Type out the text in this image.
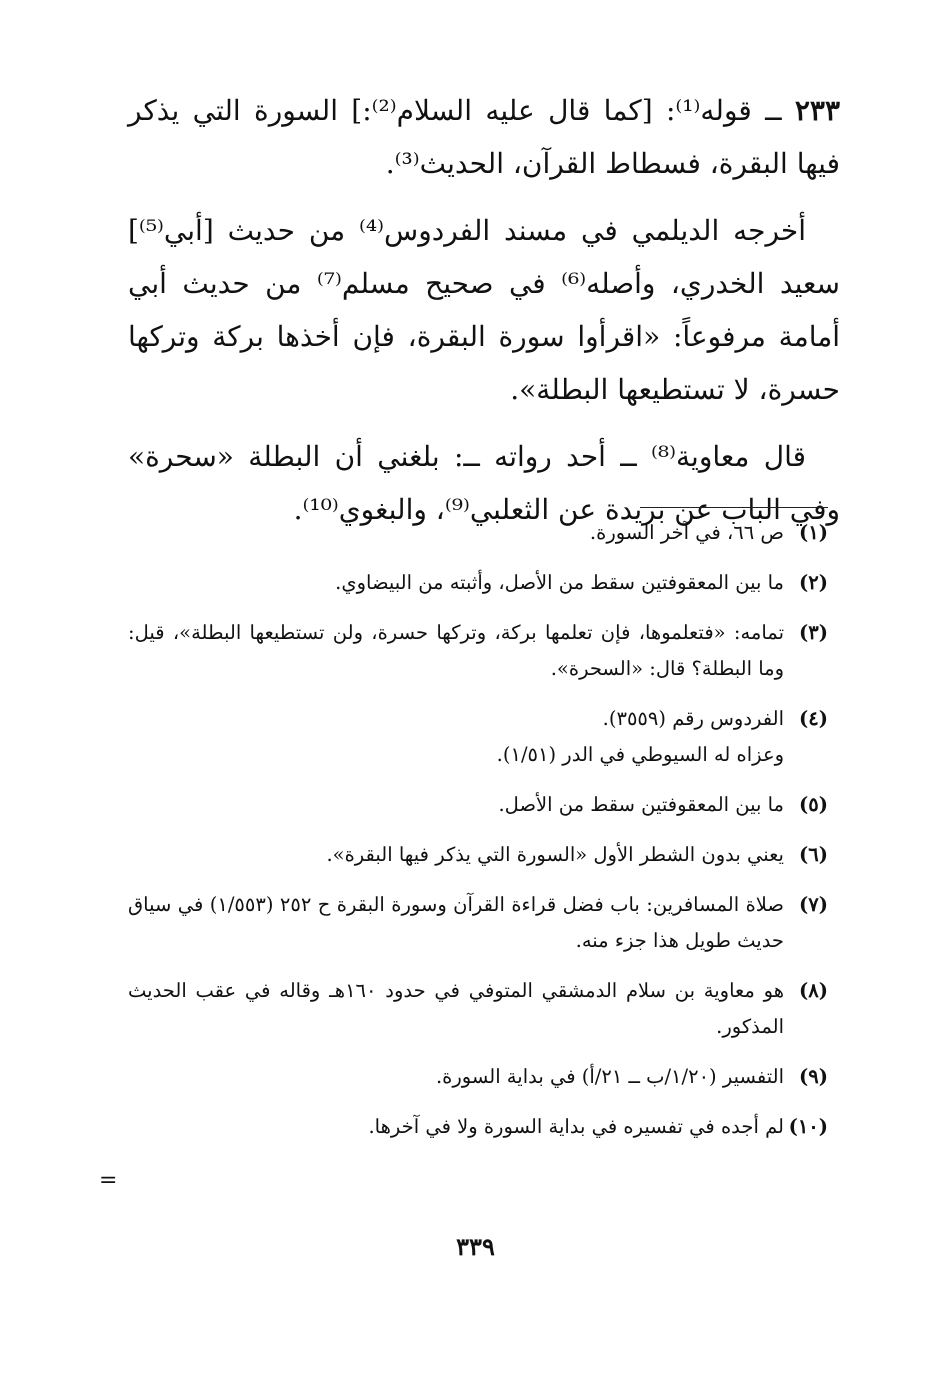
٢٣٣ ــ قوله⁽¹⁾: [كما قال عليه السلام⁽²⁾:] السورة التي يذكر فيها البقرة، فسطاط القرآن، الحديث⁽³⁾.

أخرجه الديلمي في مسند الفردوس⁽⁴⁾ من حديث [أبي⁽⁵⁾] سعيد الخدري، وأصله⁽⁶⁾ في صحيح مسلم⁽⁷⁾ من حديث أبي أمامة مرفوعاً: «اقرأوا سورة البقرة، فإن أخذها بركة وتركها حسرة، لا تستطيعها البطلة».

قال معاوية⁽⁸⁾ ــ أحد رواته ــ: بلغني أن البطلة «سحرة» وفي الباب عن بريدة عن الثعلبي⁽⁹⁾، والبغوي⁽¹⁰⁾.

(١)
ص ٦٦، في آخر السورة.
(٢)
ما بين المعقوفتين سقط من الأصل، وأثبته من البيضاوي.
(٣)
تمامه: «فتعلموها، فإن تعلمها بركة، وتركها حسرة، ولن تستطيعها البطلة»، قيل: وما البطلة؟ قال: «السحرة».
(٤)
الفردوس رقم (٣٥٥٩).
وعزاه له السيوطي في الدر (١/٥١).
(٥)
ما بين المعقوفتين سقط من الأصل.
(٦)
يعني بدون الشطر الأول «السورة التي يذكر فيها البقرة».
(٧)
صلاة المسافرين: باب فضل قراءة القرآن وسورة البقرة ح ٢٥٢ (١/٥٥٣) في سياق حديث طويل هذا جزء منه.
(٨)
هو معاوية بن سلام الدمشقي المتوفي في حدود ١٦٠هـ وقاله في عقب الحديث المذكور.
(٩)
التفسير (١/٢٠/ب ــ ٢١/أ) في بداية السورة.
(١٠)
لم أجده في تفسيره في بداية السورة ولا في آخرها.
=
٣٣٩
